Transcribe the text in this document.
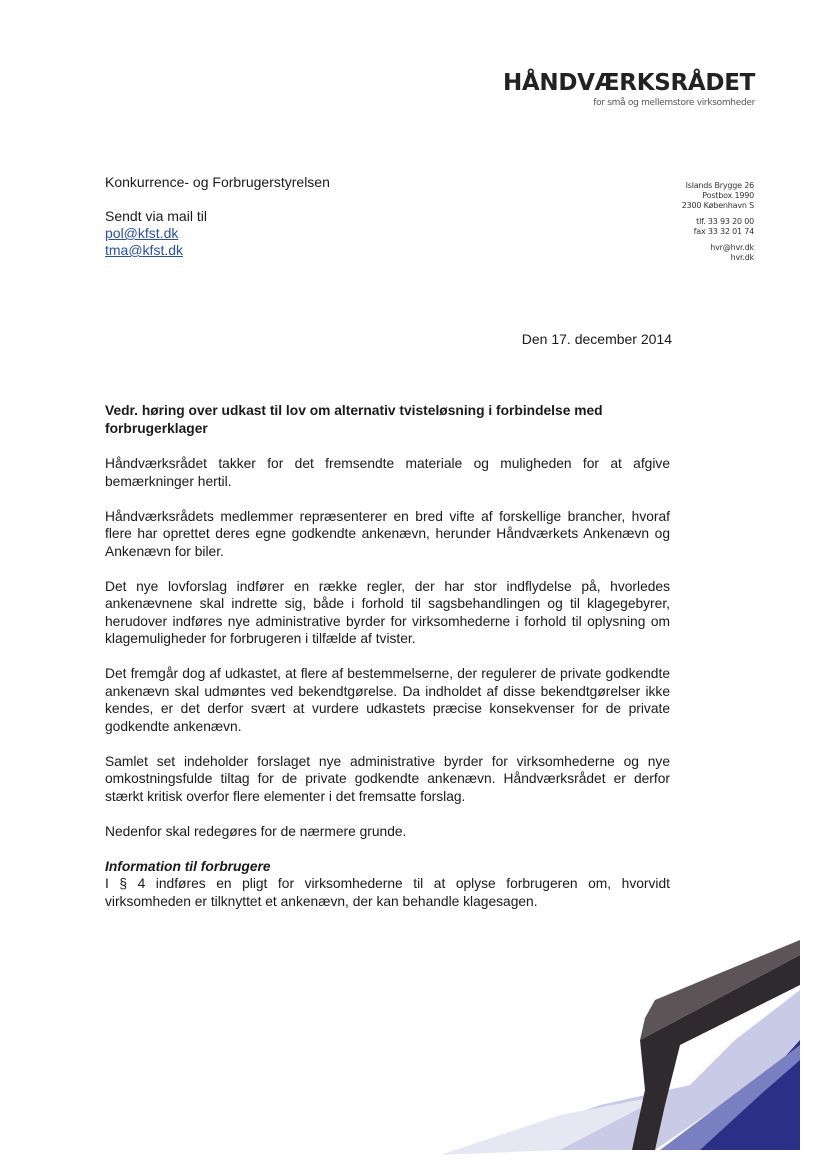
HÅNDVÆRKSRÅDET
for små og mellemstore virksomheder
Islands Brygge 26
Postbox 1990
2300 København S
tlf. 33 93 20 00
fax 33 32 01 74
hvr@hvr.dk
hvr.dk
Konkurrence- og Forbrugerstyrelsen
Sendt via mail til
pol@kfst.dk
tma@kfst.dk
Den 17. december 2014
Vedr. høring over udkast til lov om alternativ tvisteløsning i forbindelse med forbrugerklager

Håndværksrådet takker for det fremsendte materiale og muligheden for at afgive bemærkninger hertil.

Håndværksrådets medlemmer repræsenterer en bred vifte af forskellige brancher, hvoraf flere har oprettet deres egne godkendte ankenævn, herunder Håndværkets Ankenævn og Ankenævn for biler.

Det nye lovforslag indfører en række regler, der har stor indflydelse på, hvorledes ankenævnene skal indrette sig, både i forhold til sagsbehandlingen og til klagegebyrer, herudover indføres nye administrative byrder for virksomhederne i forhold til oplysning om klagemuligheder for forbrugeren i tilfælde af tvister.

Det fremgår dog af udkastet, at flere af bestemmelserne, der regulerer de private godkendte ankenævn skal udmøntes ved bekendtgørelse. Da indholdet af disse bekendtgørelser ikke kendes, er det derfor svært at vurdere udkastets præcise konsekvenser for de private godkendte ankenævn.

Samlet set indeholder forslaget nye administrative byrder for virksomhederne og nye omkostningsfulde tiltag for de private godkendte ankenævn. Håndværksrådet er derfor stærkt kritisk overfor flere elementer i det fremsatte forslag.

Nedenfor skal redegøres for de nærmere grunde.

Information til forbrugere

I § 4 indføres en pligt for virksomhederne til at oplyse forbrugeren om, hvorvidt virksomheden er tilknyttet et ankenævn, der kan behandle klagesagen.
